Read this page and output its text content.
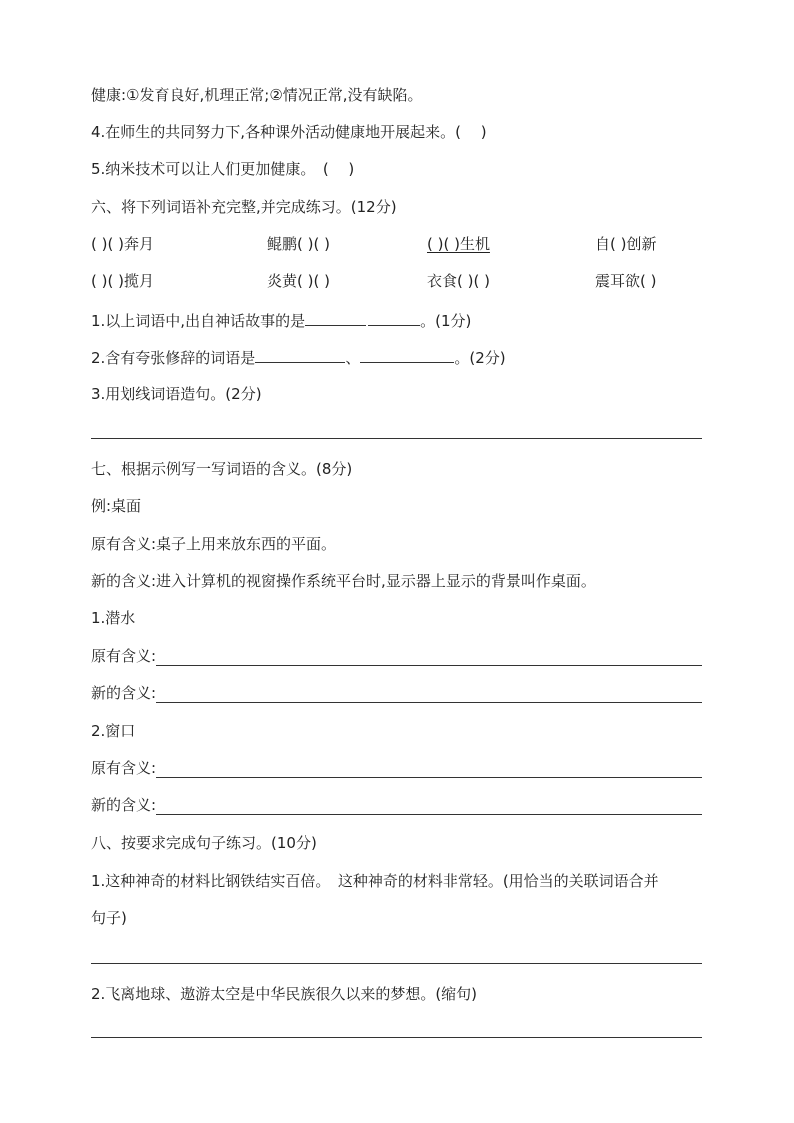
健康:①发育良好,机理正常;②情况正常,没有缺陷。
4.在师生的共同努力下,各种课外活动健康地开展起来。(　 )
5.纳米技术可以让人们更加健康。　(　 )
六、将下列词语补充完整,并完成练习。(12分)
( )( )奔月	鲲鹏( )( )	( )( )生机	自( )创新
( )( )揽月	炎黄( )( )	衣食( )( )	震耳欲( )
1.以上词语中,出自神话故事的是	。(1分)
2.含有夸张修辞的词语是	、	。(2分)
3.用划线词语造句。(2分)
七、根据示例写一写词语的含义。(8分)
例:桌面
原有含义:桌子上用来放东西的平面。
新的含义:进入计算机的视窗操作系统平台时,显示器上显示的背景叫作桌面。
1.潜水
原有含义:
新的含义:
2.窗口
原有含义:
新的含义:
八、按要求完成句子练习。(10分)
1.这种神奇的材料比钢铁结实百倍。　这种神奇的材料非常轻。(用恰当的关联词语合并
句子)
2.飞离地球、遨游太空是中华民族很久以来的梦想。(缩句)
